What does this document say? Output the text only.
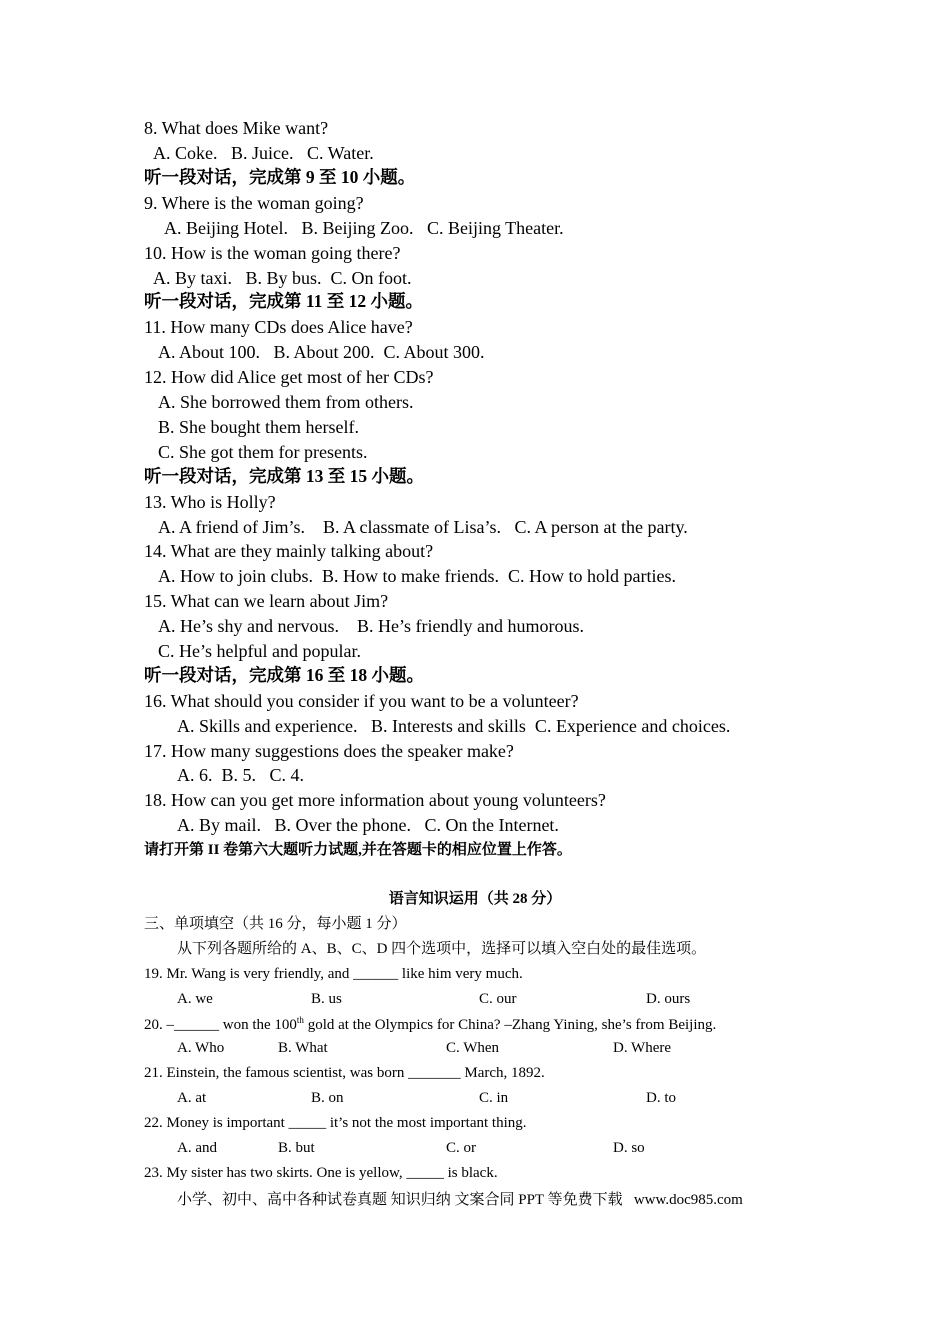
8. What does Mike want?
A. Coke.   B. Juice.   C. Water.
听一段对话，完成第 9 至 10 小题。
9. Where is the woman going?
A. Beijing Hotel.   B. Beijing Zoo.   C. Beijing Theater.
10. How is the woman going there?
A. By taxi.   B. By bus.  C. On foot.
听一段对话，完成第 11 至 12 小题。
11. How many CDs does Alice have?
A. About 100.   B. About 200.  C. About 300.
12. How did Alice get most of her CDs?
A. She borrowed them from others.
B. She bought them herself.
C. She got them for presents.
听一段对话，完成第 13 至 15 小题。
13. Who is Holly?
A. A friend of Jim’s.    B. A classmate of Lisa’s.   C. A person at the party.
14. What are they mainly talking about?
A. How to join clubs.  B. How to make friends.  C. How to hold parties.
15. What can we learn about Jim?
A. He’s shy and nervous.    B. He’s friendly and humorous.
C. He’s helpful and popular.
听一段对话，完成第 16 至 18 小题。
16. What should you consider if you want to be a volunteer?
A. Skills and experience.   B. Interests and skills  C. Experience and choices.
17. How many suggestions does the speaker make?
A. 6.  B. 5.   C. 4.
18. How can you get more information about young volunteers?
A. By mail.   B. Over the phone.   C. On the Internet.
请打开第 II 卷第六大题听力试题,并在答题卡的相应位置上作答。
语言知识运用（共 28 分）
三、单项填空（共 16 分，每小题 1 分）
从下列各题所给的 A、B、C、D 四个选项中，选择可以填入空白处的最佳选项。
19. Mr. Wang is very friendly, and ______ like him very much.
A. we	B. us	C. our	D. ours
20. –______ won the 100th gold at the Olympics for China? –Zhang Yining, she’s from Beijing.
A. Who	B. What	C. When	D. Where
21. Einstein, the famous scientist, was born _______ March, 1892.
A. at	B. on	C. in	D. to
22. Money is important _____ it’s not the most important thing.
A. and	B. but	C. or	D. so
23. My sister has two skirts. One is yellow, _____ is black.
小学、初中、高中各种试卷真题 知识归纳 文案合同 PPT 等免费下载   www.doc985.com
